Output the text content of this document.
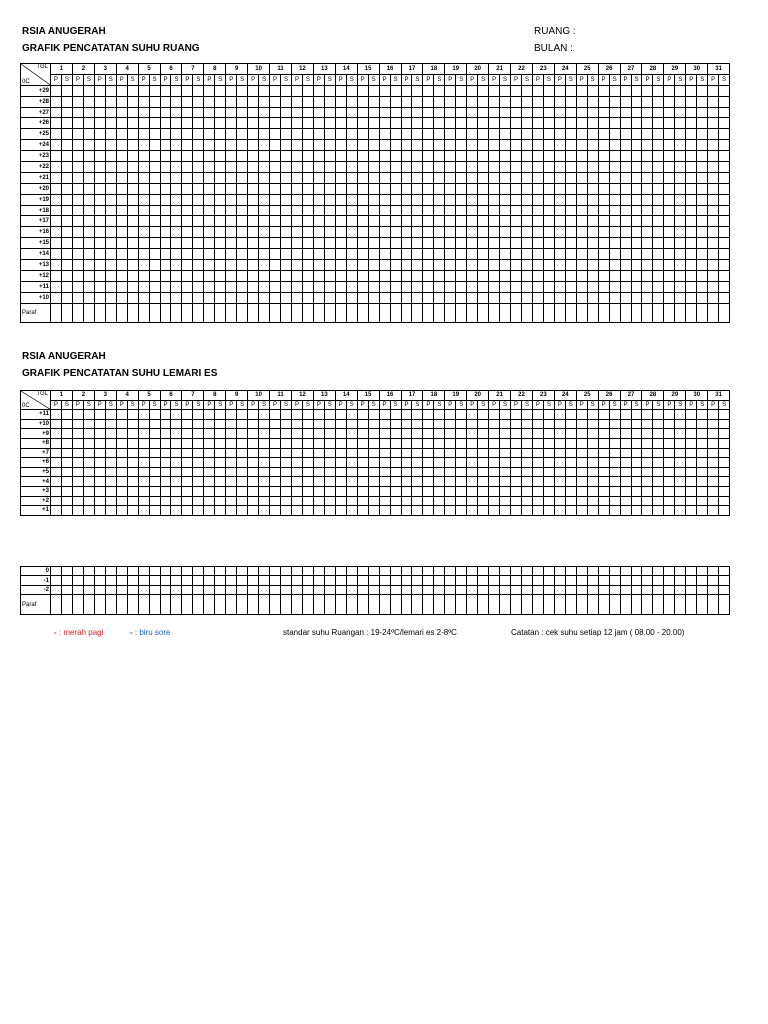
RSIA ANUGERAH
GRAFIK PENCATATAN SUHU RUANG
RUANG :
BULAN :
TGL
0C	1		2		3		4		5		6		7		8		9		10		11		12		13		14		15		16		17		18		19		20		21		22		23		24		25		26		27		28		29		30		31	
	P	S	P	S	P	S	P	S	P	S	P	S	P	S	P	S	P	S	P	S	P	S	P	S	P	S	P	S	P	S	P	S	P	S	P	S	P	S	P	S	P	S	P	S	P	S	P	S	P	S	P	S	P	S	P	S	P	S	P	S	P	S
+29																																																														
+28																																																														
+27																																																														
+26																																																														
+25																																																														
+24																																																														
+23																																																														
+22																																																														
+21																																																														
+20																																																														
+19																																																														
+18																																																														
+17																																																														
+16																																																														
+15																																																														
+14																																																														
+13																																																														
+12																																																														
+11																																																														
+10																																																														
Paraf																																																														
RSIA ANUGERAH
GRAFIK PENCATATAN SUHU LEMARI ES
TGL
0C	1		2		3		4		5		6		7		8		9		10		11		12		13		14		15		16		17		18		19		20		21		22		23		24		25		26		27		28		29		30		31	
	P	S	P	S	P	S	P	S	P	S	P	S	P	S	P	S	P	S	P	S	P	S	P	S	P	S	P	S	P	S	P	S	P	S	P	S	P	S	P	S	P	S	P	S	P	S	P	S	P	S	P	S	P	S	P	S	P	S	P	S	P	S
+11																																																														
+10																																																														
+9																																																														
+8																																																														
+7																																																														
+6																																																														
+5																																																														
+4																																																														
+3																																																														
+2																																																														
+1																																																														
0																																																														
-1																																																														
-2																																																														
Paraf																																																														
- : merah pagi	- : biru sore	standar suhu Ruangan : 19-24ºC/lemari es 2-8ºC	Catatan : cek suhu setiap 12 jam ( 08.00 - 20.00)
